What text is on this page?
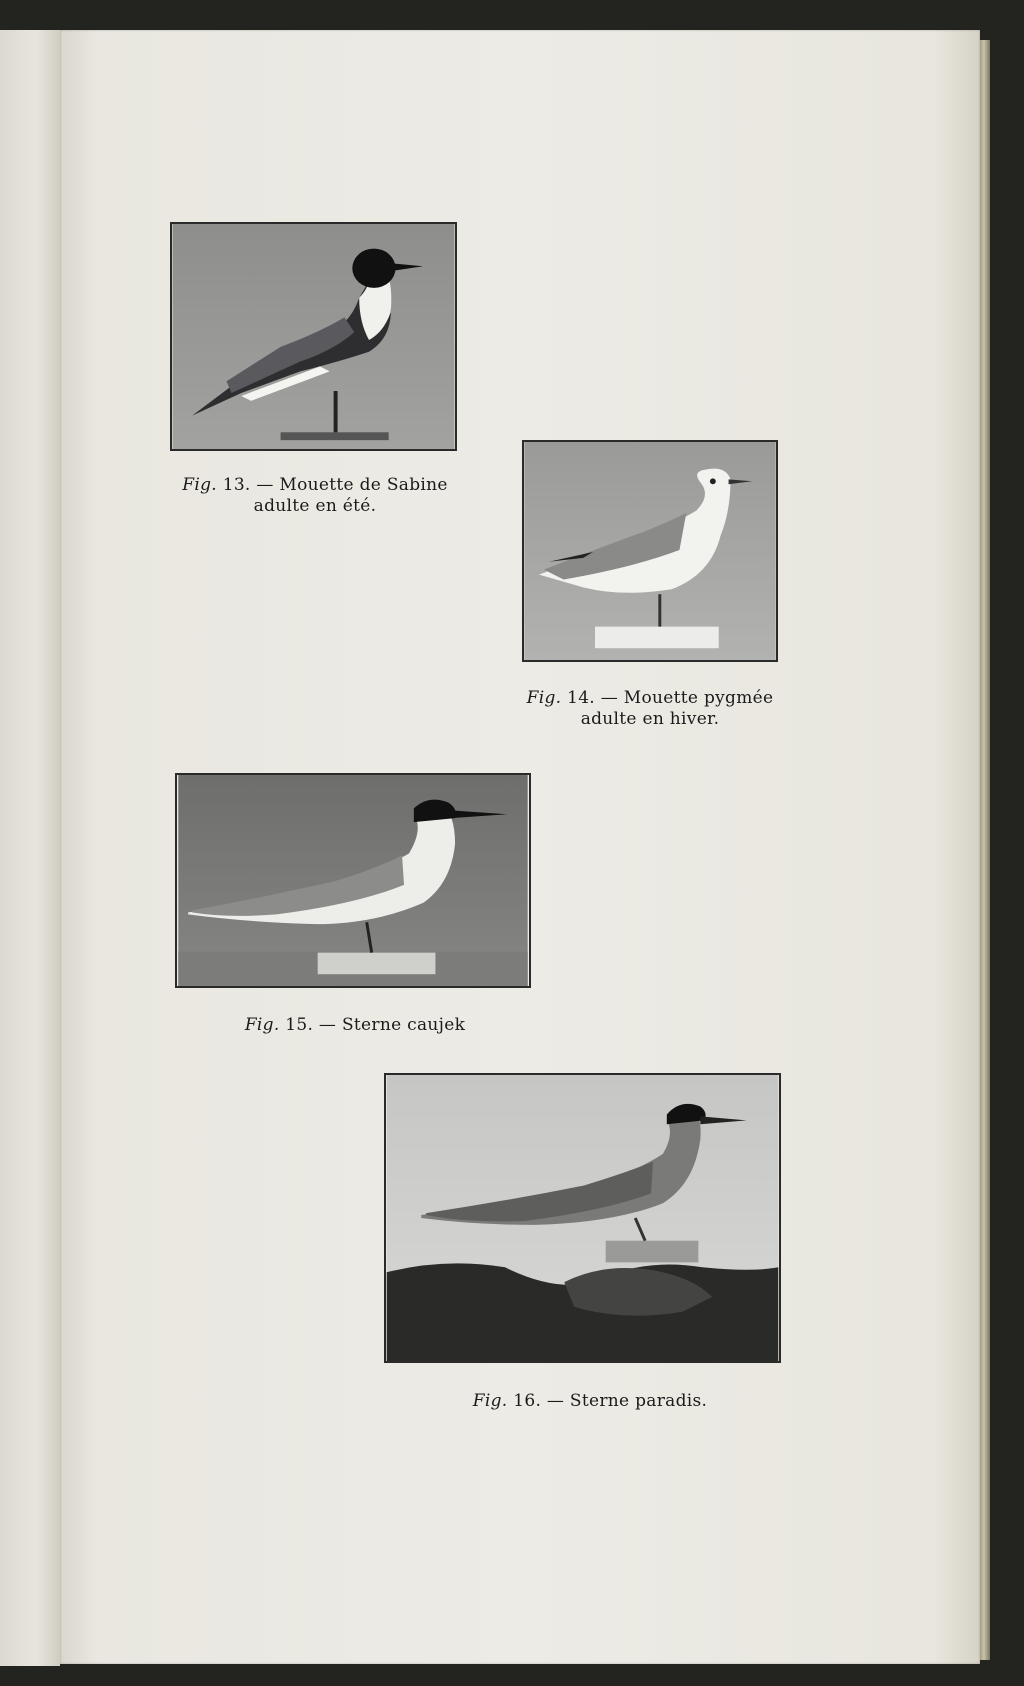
Fig. 13. — Mouette de Sabine
adulte en été.
Fig. 14. — Mouette pygmée
adulte en hiver.
Fig. 15. — Sterne caujek
Fig. 16. — Sterne paradis.
